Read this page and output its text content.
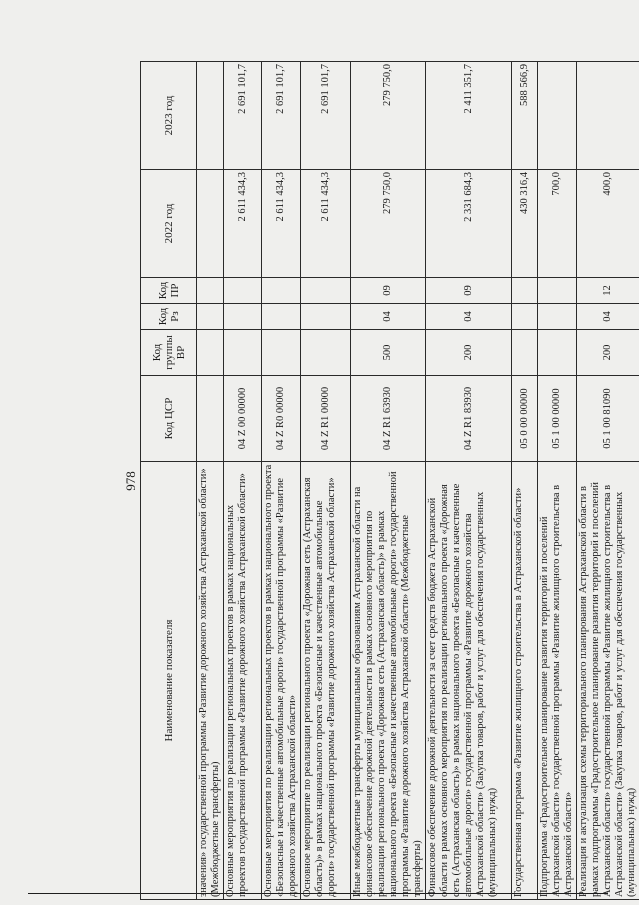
978
Наименование показателя	Код ЦСР	Код группы ВР	Код Рз	Код ПР	2022 год	2023 год
значения» государственной программы «Развитие дорожного хозяйства Астраханской области» (Межбюджетные трансферты)						
Основные мероприятия по реализации региональных проектов в рамках национальных проектов государственной программы «Развитие дорожного хозяйства Астраханской области»	04 Z 00 00000				2 611 434,3	2 691 101,7
Основные мероприятия по реализации региональных проектов в рамках национального проекта «Безопасные и качественные автомобильные дороги» государственной программы «Развитие дорожного хозяйства Астраханской области»	04 Z R0 00000				2 611 434,3	2 691 101,7
Основное мероприятие по реализации регионального проекта «Дорожная сеть (Астраханская область)» в рамках национального проекта «Безопасные и качественные автомобильные дороги» государственной программы «Развитие дорожного хозяйства Астраханской области»	04 Z R1 00000				2 611 434,3	2 691 101,7
Иные межбюджетные трансферты муниципальным образованиям Астраханской области на финансовое обеспечение дорожной деятельности в рамках основного мероприятия по реализации регионального проекта «Дорожная сеть (Астраханская область)» в рамках национального проекта «Безопасные и качественные автомобильные дороги» государственной программы «Развитие дорожного хозяйства Астраханской области» (Межбюджетные трансферты)	04 Z R1 63930	500	04	09	279 750,0	279 750,0
Финансовое обеспечение дорожной деятельности за счет средств бюджета Астраханской области в рамках основного мероприятия по реализации регионального проекта «Дорожная сеть (Астраханская область)» в рамках национального проекта «Безопасные и качественные автомобильные дороги» государственной программы «Развитие дорожного хозяйства Астраханской области» (Закупка товаров, работ и услуг для обеспечения государственных (муниципальных) нужд)	04 Z R1 83930	200	04	09	2 331 684,3	2 411 351,7
Государственная программа «Развитие жилищного строительства в Астраханской области»	05 0 00 00000				430 316,4	588 566,9
Подпрограмма «Градостроительное планирование развития территорий и поселений Астраханской области» государственной программы «Развитие жилищного строительства в Астраханской области»	05 1 00 00000				700,0	
Реализация и актуализация схемы территориального планирования Астраханской области в рамках подпрограммы «Градостроительное планирование развития территорий и поселений Астраханской области» государственной программы «Развитие жилищного строительства в Астраханской области» (Закупка товаров, работ и услуг для обеспечения государственных (муниципальных) нужд)	05 1 00 81090	200	04	12	400,0	
